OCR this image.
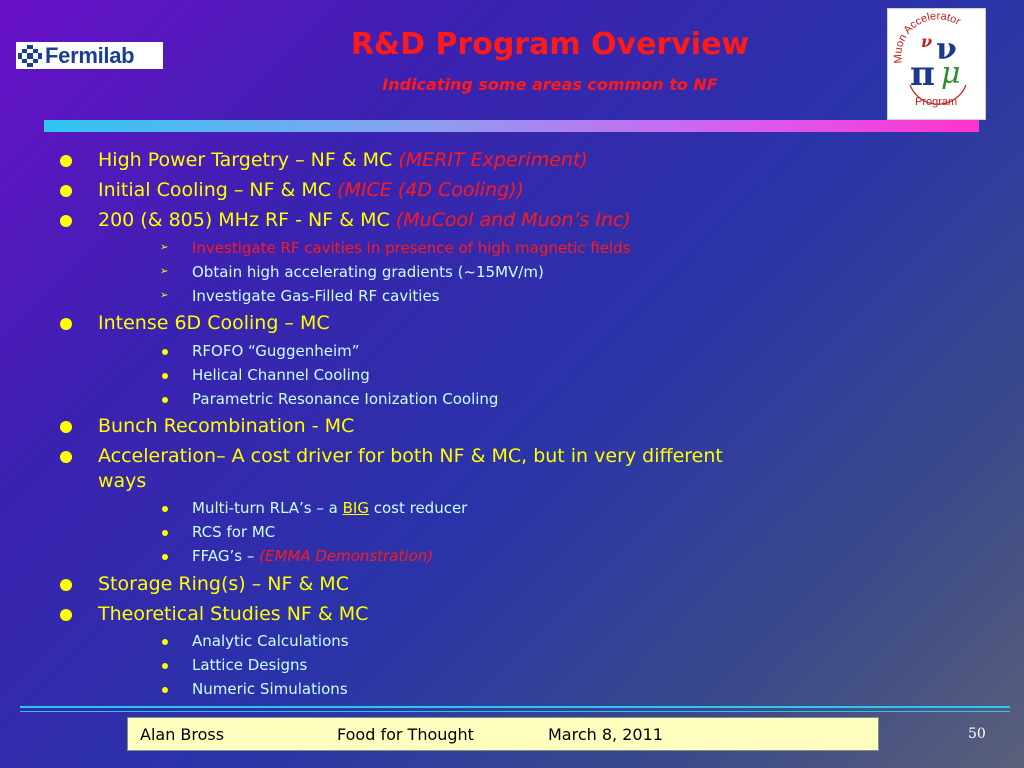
Fermilab	R&D Program Overview
Indicating some areas common to NF
Muon Accelerator
ν ν
π μ
Program
High Power Targetry – NF & MC (MERIT Experiment)
Initial Cooling – NF & MC (MICE (4D Cooling))
200 (& 805) MHz RF - NF & MC (MuCool and Muon’s Inc)
➢ Investigate RF cavities in presence of high magnetic fields
➢ Obtain high accelerating gradients (~15MV/m)
➢ Investigate Gas-Filled RF cavities
Intense 6D Cooling – MC
RFOFO “Guggenheim”
Helical Channel Cooling
Parametric Resonance Ionization Cooling
Bunch Recombination - MC
Acceleration– A cost driver for both NF & MC, but in very different
ways
Multi-turn RLA’s – a BIG cost reducer
RCS for MC
FFAG’s – (EMMA Demonstration)
Storage Ring(s) – NF & MC
Theoretical Studies NF & MC
Analytic Calculations
Lattice Designs
Numeric Simulations
Alan Bross	Food for Thought	March 8, 2011	50
